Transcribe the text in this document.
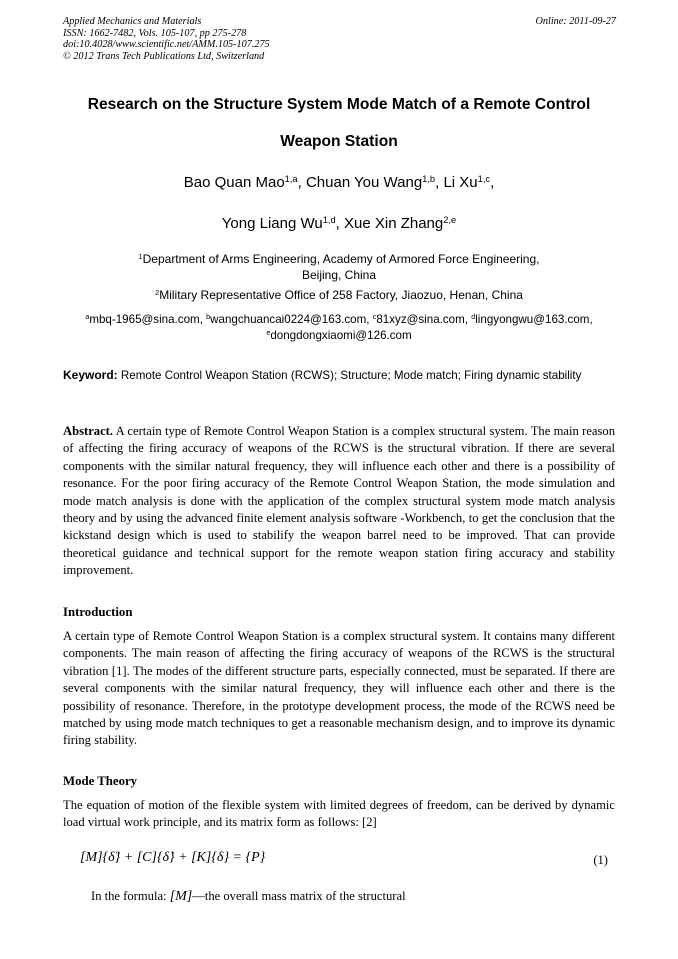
Applied Mechanics and Materials
ISSN: 1662-7482, Vols. 105-107, pp 275-278
doi:10.4028/www.scientific.net/AMM.105-107.275
© 2012 Trans Tech Publications Ltd, Switzerland
Online: 2011-09-27
Research on the Structure System Mode Match of a Remote Control
Weapon Station
Bao Quan Mao$^{1,a}$, Chuan You Wang$^{1,b}$, Li Xu$^{1,c}$,
Yong Liang Wu$^{1,d}$, Xue Xin Zhang$^{2,e}$
$^1$Department of Arms Engineering, Academy of Armored Force Engineering,
Beijing, China
$^2$Military Representative Office of 258 Factory, Jiaozuo, Henan, China
$^a$mbq-1965@sina.com, $^b$wangchuancai0224@163.com, $^c$81xyz@sina.com, $^d$lingyongwu@163.com,
$^e$dongdongxiaomi@126.com
Keyword: Remote Control Weapon Station (RCWS); Structure; Mode match; Firing dynamic stability
Abstract. A certain type of Remote Control Weapon Station is a complex structural system. The main reason of affecting the firing accuracy of weapons of the RCWS is the structural vibration. If there are several components with the similar natural frequency, they will influence each other and there is a possibility of resonance. For the poor firing accuracy of the Remote Control Weapon Station, the mode simulation and mode match analysis is done with the application of the complex structural system mode match analysis theory and by using the advanced finite element analysis software -Workbench, to get the conclusion that the kickstand design which is used to stabilify the weapon barrel need to be improved. That can provide theoretical guidance and technical support for the remote weapon station firing accuracy and stability improvement.
Introduction
A certain type of Remote Control Weapon Station is a complex structural system. It contains many different components. The main reason of affecting the firing accuracy of weapons of the RCWS is the structural vibration [1]. The modes of the different structure parts, especially connected, must be separated. If there are several components with the similar natural frequency, they will influence each other and there is the possibility of resonance. Therefore, in the prototype development process, the mode of the RCWS need be matched by using mode match techniques to get a reasonable mechanism design, and to improve its dynamic firing stability.
Mode Theory
The equation of motion of the flexible system with limited degrees of freedom, can be derived by dynamic load virtual work principle, and its matrix form as follows: [2]
[M]{δ̈} + [C]{δ̇} + [K]{δ} = {P}	(1)
In the formula: [M]—the overall mass matrix of the structural
